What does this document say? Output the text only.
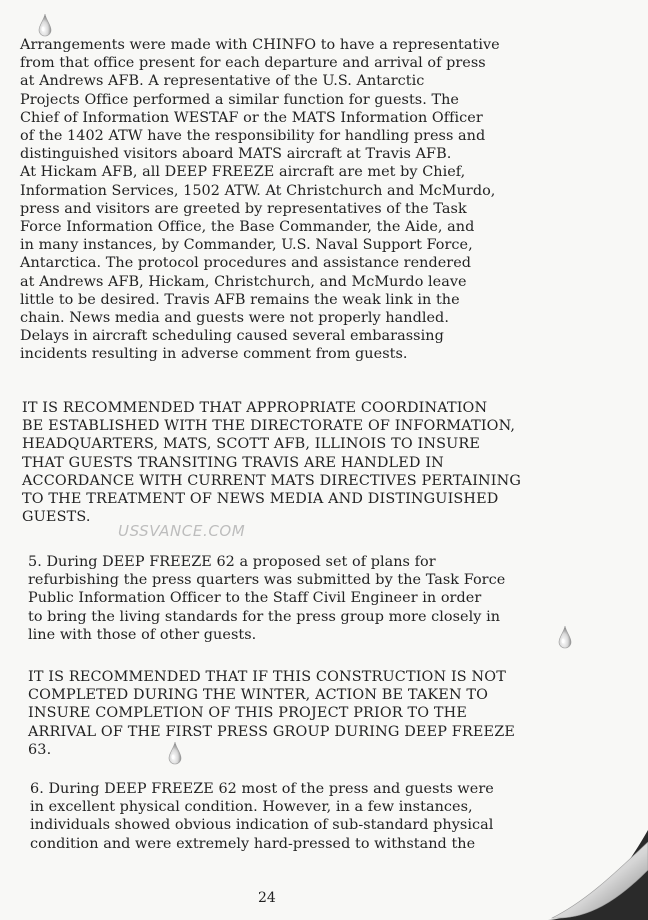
Arrangements were made with CHINFO to have a representative
from that office present for each departure and arrival of press
at Andrews AFB. A representative of the U.S. Antarctic
Projects Office performed a similar function for guests. The
Chief of Information WESTAF or the MATS Information Officer
of the 1402 ATW have the responsibility for handling press and
distinguished visitors aboard MATS aircraft at Travis AFB.
At Hickam AFB, all DEEP FREEZE aircraft are met by Chief,
Information Services, 1502 ATW. At Christchurch and McMurdo,
press and visitors are greeted by representatives of the Task
Force Information Office, the Base Commander, the Aide, and
in many instances, by Commander, U.S. Naval Support Force,
Antarctica. The protocol procedures and assistance rendered
at Andrews AFB, Hickam, Christchurch, and McMurdo leave
little to be desired. Travis AFB remains the weak link in the
chain. News media and guests were not properly handled.
Delays in aircraft scheduling caused several embarassing
incidents resulting in adverse comment from guests.
IT IS RECOMMENDED THAT APPROPRIATE COORDINATION
BE ESTABLISHED WITH THE DIRECTORATE OF INFORMATION,
HEADQUARTERS, MATS, SCOTT AFB, ILLINOIS TO INSURE
THAT GUESTS TRANSITING TRAVIS ARE HANDLED IN
ACCORDANCE WITH CURRENT MATS DIRECTIVES PERTAINING
TO THE TREATMENT OF NEWS MEDIA AND DISTINGUISHED
GUESTS.
USSVANCE.COM
5. During DEEP FREEZE 62 a proposed set of plans for
refurbishing the press quarters was submitted by the Task Force
Public Information Officer to the Staff Civil Engineer in order
to bring the living standards for the press group more closely in
line with those of other guests.
IT IS RECOMMENDED THAT IF THIS CONSTRUCTION IS NOT
COMPLETED DURING THE WINTER, ACTION BE TAKEN TO
INSURE COMPLETION OF THIS PROJECT PRIOR TO THE
ARRIVAL OF THE FIRST PRESS GROUP DURING DEEP FREEZE
63.
6. During DEEP FREEZE 62 most of the press and guests were
in excellent physical condition. However, in a few instances,
individuals showed obvious indication of sub-standard physical
condition and were extremely hard-pressed to withstand the
24
